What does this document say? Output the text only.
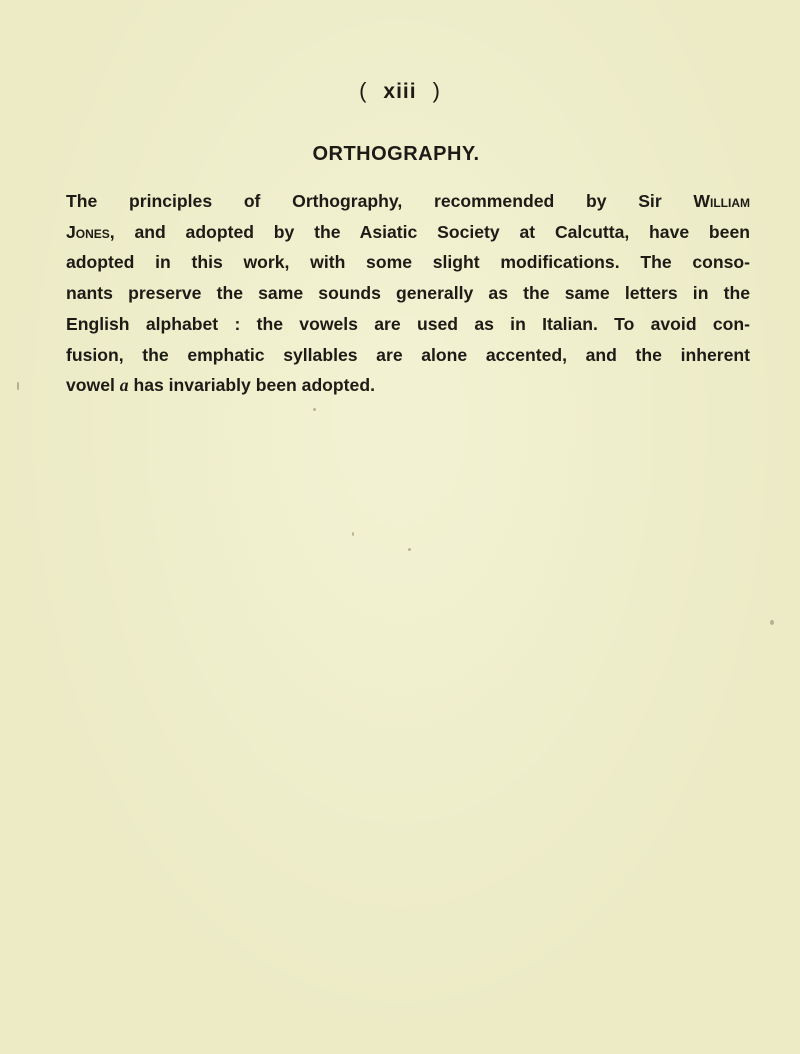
( xiii )
ORTHOGRAPHY.
The principles of Orthography, recommended by Sir William
Jones, and adopted by the Asiatic Society at Calcutta, have been
adopted in this work, with some slight modifications. The conso-
nants preserve the same sounds generally as the same letters in the
English alphabet : the vowels are used as in Italian. To avoid con-
fusion, the emphatic syllables are alone accented, and the inherent
vowel a has invariably been adopted.
